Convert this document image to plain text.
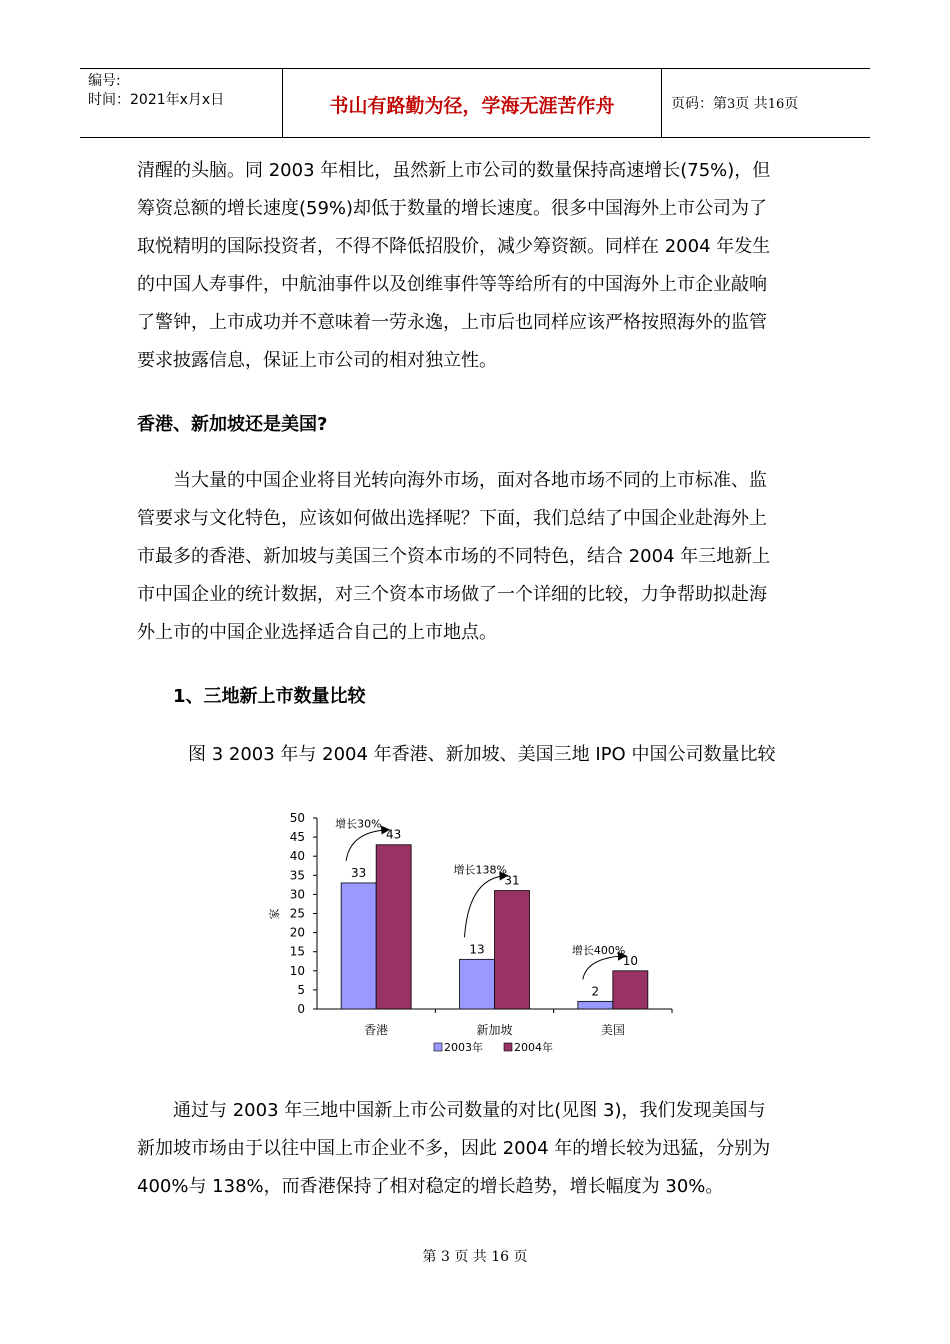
编号:
时间：2021年x月x日	书山有路勤为径，学海无涯苦作舟	页码：第3页 共16页
清醒的头脑。同 2003 年相比，虽然新上市公司的数量保持高速增长(75%)，但
筹资总额的增长速度(59%)却低于数量的增长速度。很多中国海外上市公司为了
取悦精明的国际投资者，不得不降低招股价，减少筹资额。同样在 2004 年发生
的中国人寿事件，中航油事件以及创维事件等等给所有的中国海外上市企业敲响
了警钟，上市成功并不意味着一劳永逸，上市后也同样应该严格按照海外的监管
要求披露信息，保证上市公司的相对独立性。
香港、新加坡还是美国?
当大量的中国企业将目光转向海外市场，面对各地市场不同的上市标准、监
管要求与文化特色，应该如何做出选择呢？下面，我们总结了中国企业赴海外上
市最多的香港、新加坡与美国三个资本市场的不同特色，结合 2004 年三地新上
市中国企业的统计数据，对三个资本市场做了一个详细的比较，力争帮助拟赴海
外上市的中国企业选择适合自己的上市地点。
1、三地新上市数量比较
图 3 2003 年与 2004 年香港、新加坡、美国三地 IPO 中国公司数量比较
0
5
10
15
20
25
30
35
40
45
50
家
香港
33
43
新加坡
13
31
美国
2
10
增长30%
增长138%
增长400%
2003年	2004年
通过与 2003 年三地中国新上市公司数量的对比(见图 3)，我们发现美国与
新加坡市场由于以往中国上市企业不多，因此 2004 年的增长较为迅猛，分别为
400%与 138%，而香港保持了相对稳定的增长趋势，增长幅度为 30%。
第 3 页 共 16 页
